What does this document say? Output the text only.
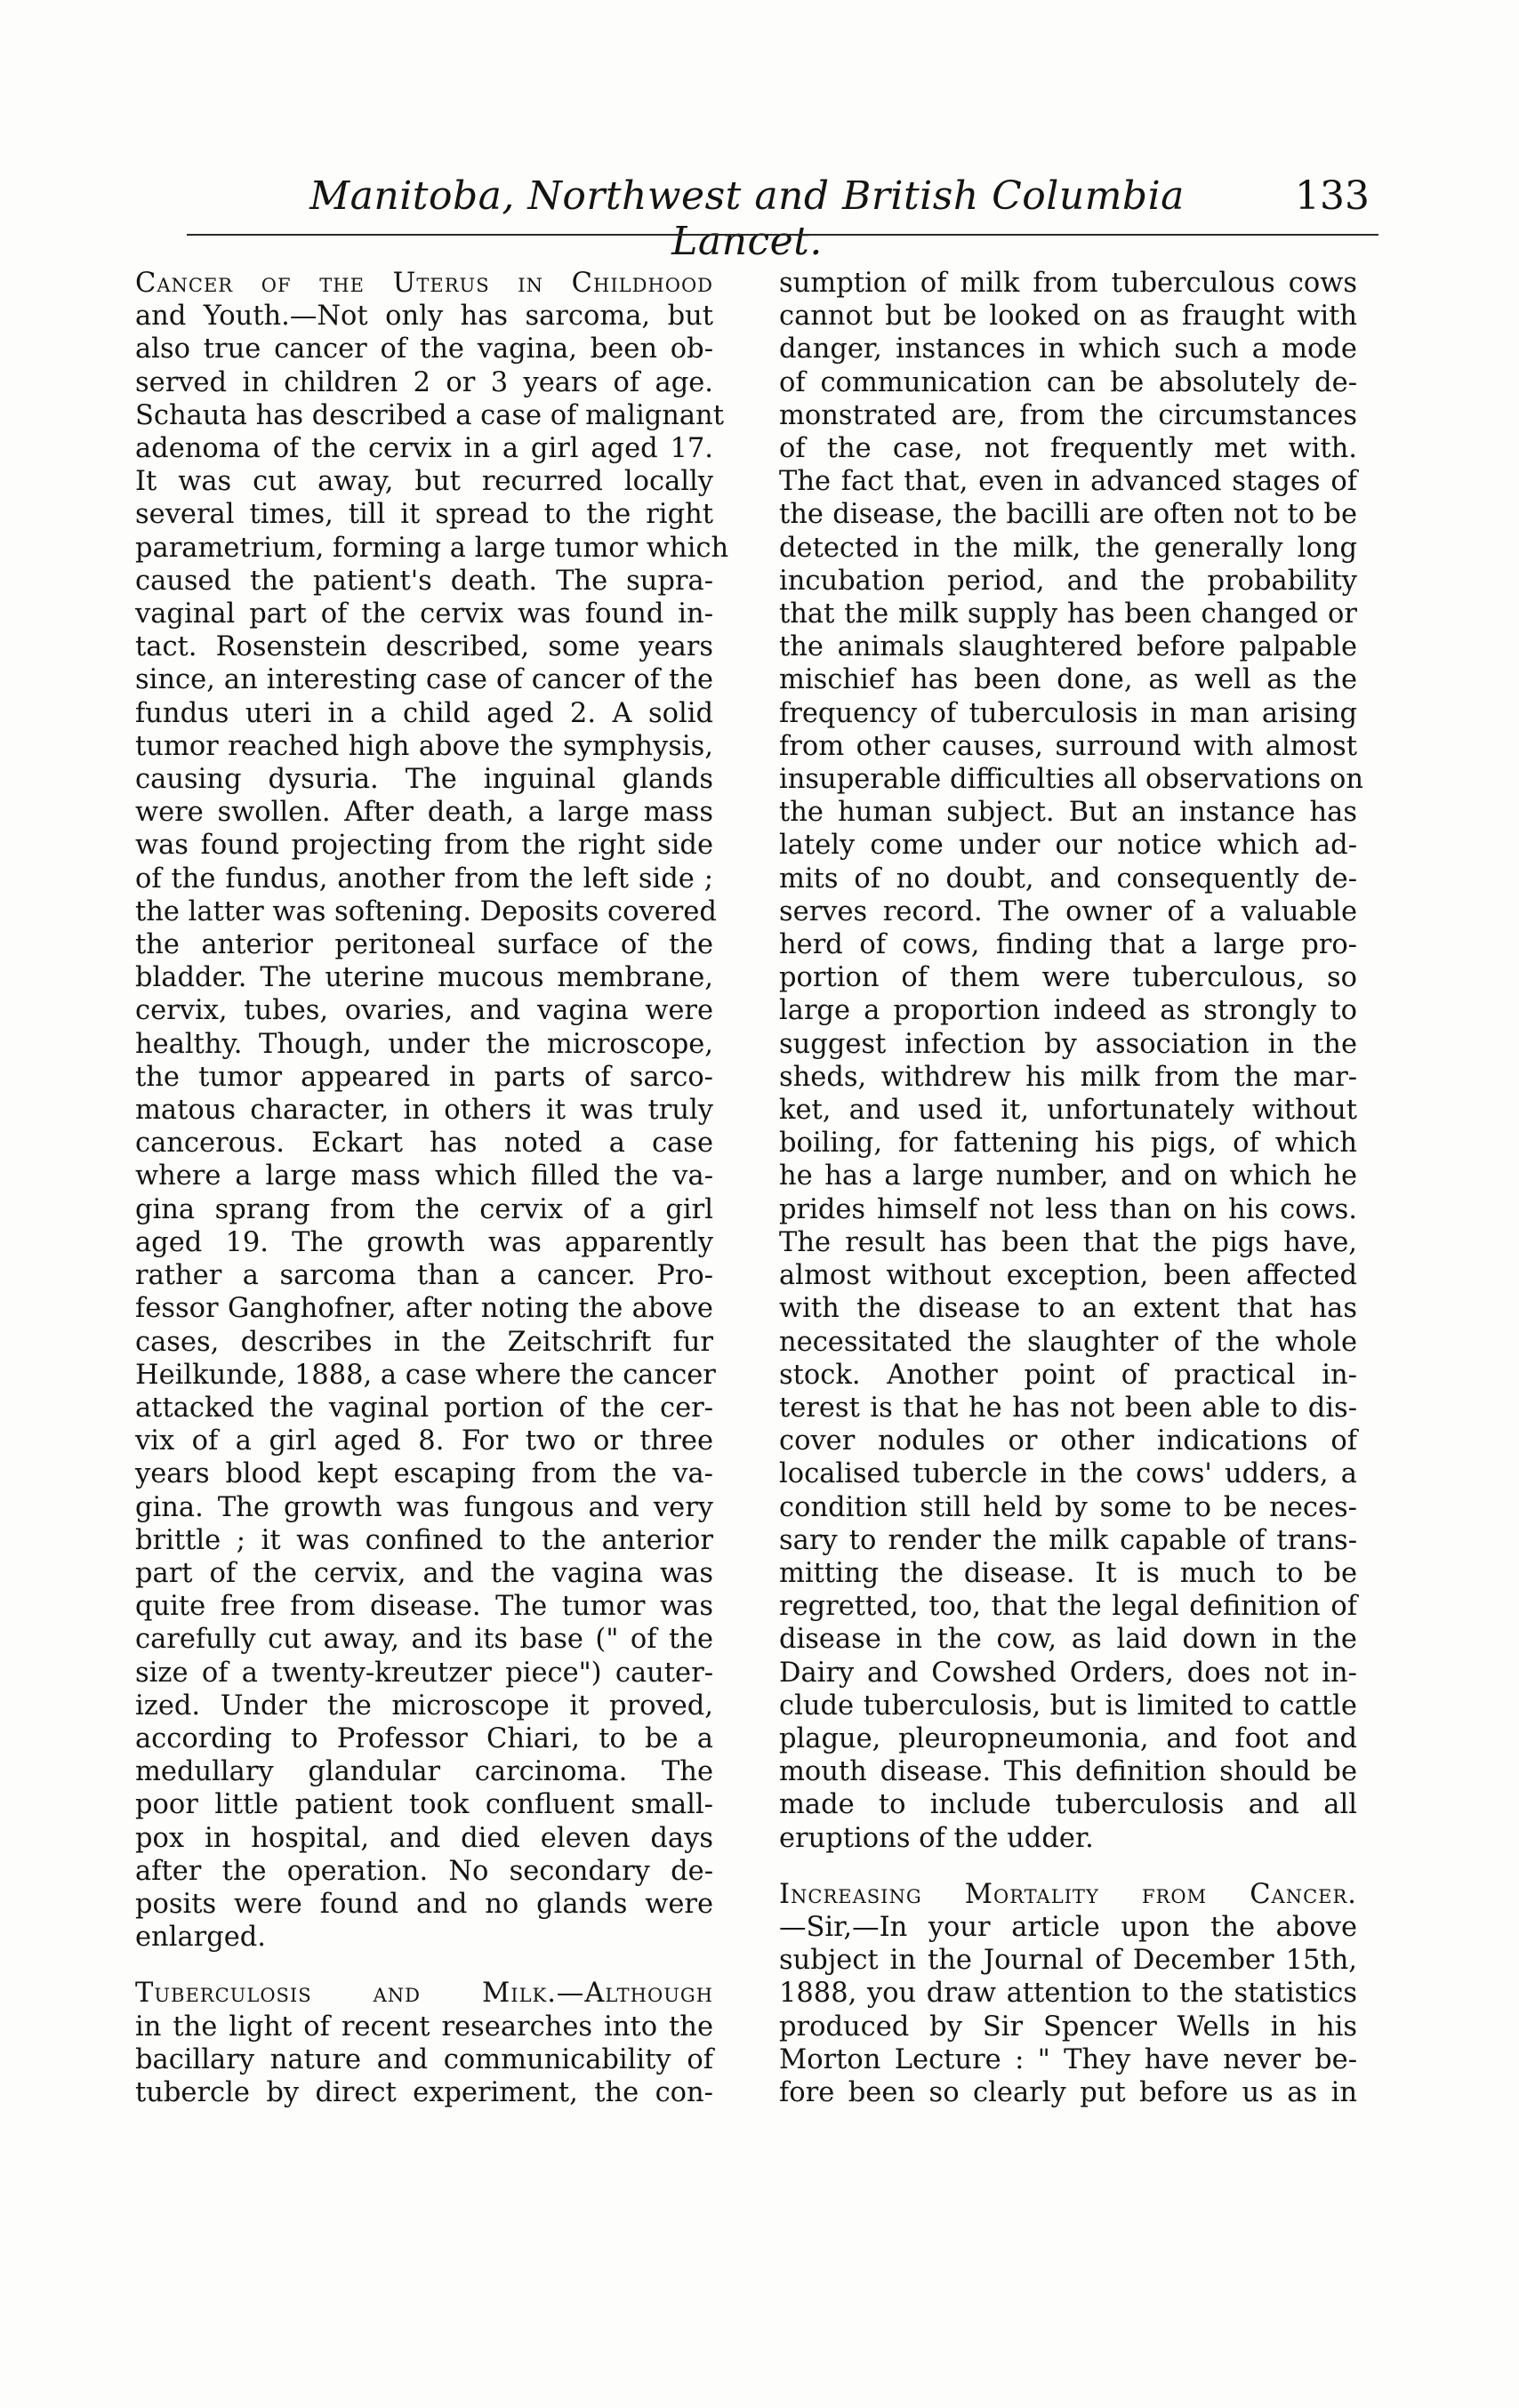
Manitoba, Northwest and British Columbia Lancet.
133

Cancer of the Uterus in Childhood

and Youth.—Not only has sarcoma, but

also true cancer of the vagina, been ob-

served in children 2 or 3 years of age.

Schauta has described a case of malignant

adenoma of the cervix in a girl aged 17.

It was cut away, but recurred locally

several times, till it spread to the right

parametrium, forming a large tumor which

caused the patient's death. The supra-

vaginal part of the cervix was found in-

tact. Rosenstein described, some years

since, an interesting case of cancer of the

fundus uteri in a child aged 2. A solid

tumor reached high above the symphysis,

causing dysuria. The inguinal glands

were swollen. After death, a large mass

was found projecting from the right side

of the fundus, another from the left side ;

the latter was softening. Deposits covered

the anterior peritoneal surface of the

bladder. The uterine mucous membrane,

cervix, tubes, ovaries, and vagina were

healthy. Though, under the microscope,

the tumor appeared in parts of sarco-

matous character, in others it was truly

cancerous. Eckart has noted a case

where a large mass which filled the va-

gina sprang from the cervix of a girl

aged 19. The growth was apparently

rather a sarcoma than a cancer. Pro-

fessor Ganghofner, after noting the above

cases, describes in the Zeitschrift fur

Heilkunde, 1888, a case where the cancer

attacked the vaginal portion of the cer-

vix of a girl aged 8. For two or three

years blood kept escaping from the va-

gina. The growth was fungous and very

brittle ; it was confined to the anterior

part of the cervix, and the vagina was

quite free from disease. The tumor was

carefully cut away, and its base (" of the

size of a twenty-kreutzer piece") cauter-

ized. Under the microscope it proved,

according to Professor Chiari, to be a

medullary glandular carcinoma. The

poor little patient took confluent small-

pox in hospital, and died eleven days

after the operation. No secondary de-

posits were found and no glands were

enlarged.

Tuberculosis and Milk.—Although

in the light of recent researches into the

bacillary nature and communicability of

tubercle by direct experiment, the con-

sumption of milk from tuberculous cows

cannot but be looked on as fraught with

danger, instances in which such a mode

of communication can be absolutely de-

monstrated are, from the circumstances

of the case, not frequently met with.

The fact that, even in advanced stages of

the disease, the bacilli are often not to be

detected in the milk, the generally long

incubation period, and the probability

that the milk supply has been changed or

the animals slaughtered before palpable

mischief has been done, as well as the

frequency of tuberculosis in man arising

from other causes, surround with almost

insuperable difficulties all observations on

the human subject. But an instance has

lately come under our notice which ad-

mits of no doubt, and consequently de-

serves record. The owner of a valuable

herd of cows, finding that a large pro-

portion of them were tuberculous, so

large a proportion indeed as strongly to

suggest infection by association in the

sheds, withdrew his milk from the mar-

ket, and used it, unfortunately without

boiling, for fattening his pigs, of which

he has a large number, and on which he

prides himself not less than on his cows.

The result has been that the pigs have,

almost without exception, been affected

with the disease to an extent that has

necessitated the slaughter of the whole

stock. Another point of practical in-

terest is that he has not been able to dis-

cover nodules or other indications of

localised tubercle in the cows' udders, a

condition still held by some to be neces-

sary to render the milk capable of trans-

mitting the disease. It is much to be

regretted, too, that the legal definition of

disease in the cow, as laid down in the

Dairy and Cowshed Orders, does not in-

clude tuberculosis, but is limited to cattle

plague, pleuropneumonia, and foot and

mouth disease. This definition should be

made to include tuberculosis and all

eruptions of the udder.

Increasing Mortality from Cancer.

—Sir,—In your article upon the above

subject in the Journal of December 15th,

1888, you draw attention to the statistics

produced by Sir Spencer Wells in his

Morton Lecture : " They have never be-

fore been so clearly put before us as in
